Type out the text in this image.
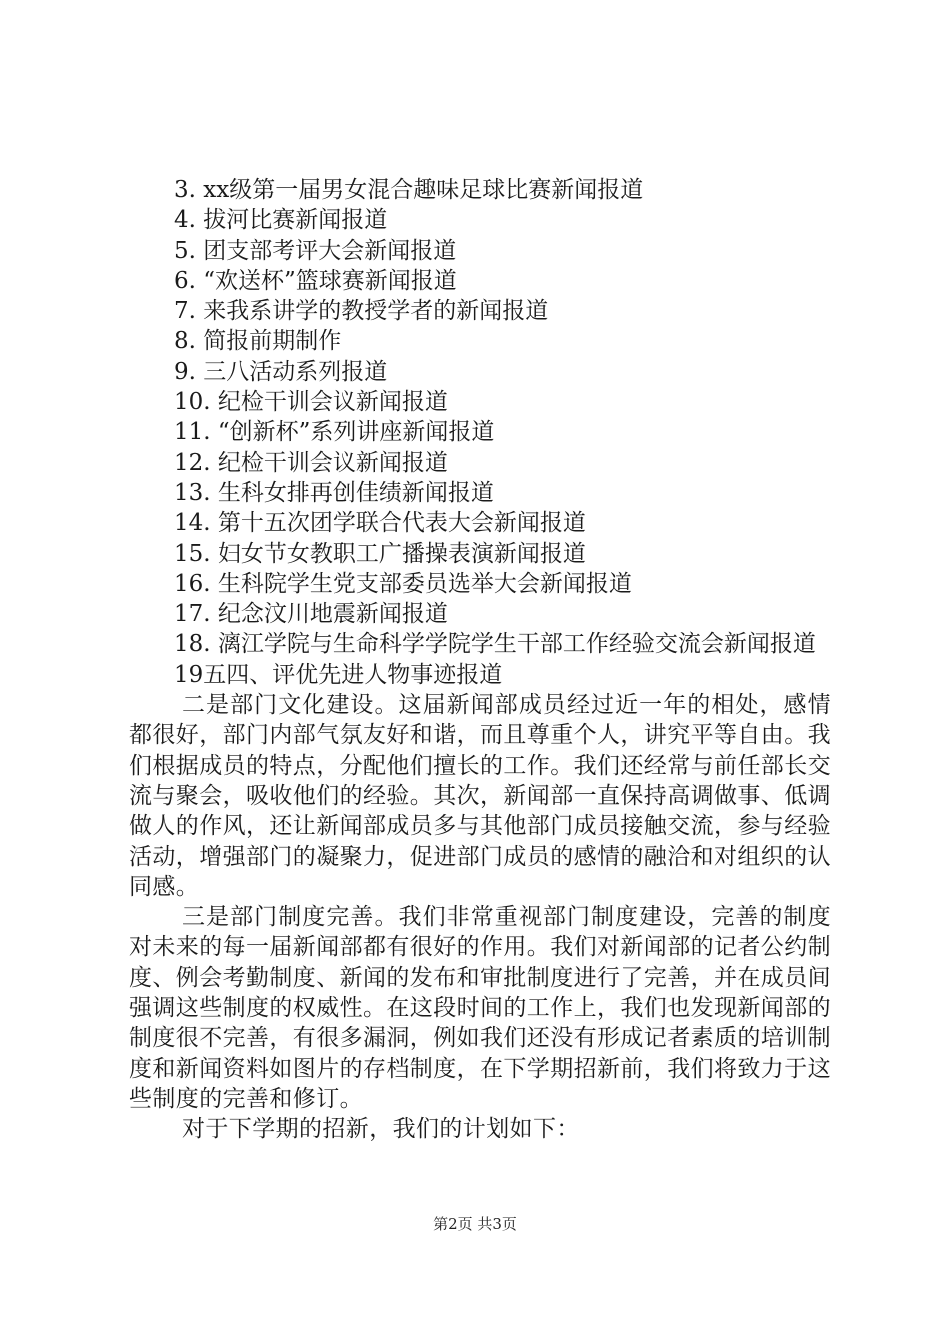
3. xx级第一届男女混合趣味足球比赛新闻报道

4. 拔河比赛新闻报道

5. 团支部考评大会新闻报道

6. “欢送杯”篮球赛新闻报道

7. 来我系讲学的教授学者的新闻报道

8. 简报前期制作

9. 三八活动系列报道

10. 纪检干训会议新闻报道

11. “创新杯”系列讲座新闻报道

12. 纪检干训会议新闻报道

13. 生科女排再创佳绩新闻报道

14. 第十五次团学联合代表大会新闻报道

15. 妇女节女教职工广播操表演新闻报道

16. 生科院学生党支部委员选举大会新闻报道

17. 纪念汶川地震新闻报道

18. 漓江学院与生命科学学院学生干部工作经验交流会新闻报道

19五四、评优先进人物事迹报道

二是部门文化建设。这届新闻部成员经过近一年的相处，感情都很好，部门内部气氛友好和谐，而且尊重个人，讲究平等自由。我们根据成员的特点，分配他们擅长的工作。我们还经常与前任部长交流与聚会，吸收他们的经验。其次，新闻部一直保持高调做事、低调做人的作风，还让新闻部成员多与其他部门成员接触交流，参与经验活动，增强部门的凝聚力，促进部门成员的感情的融洽和对组织的认同感。

三是部门制度完善。我们非常重视部门制度建设，完善的制度对未来的每一届新闻部都有很好的作用。我们对新闻部的记者公约制度、例会考勤制度、新闻的发布和审批制度进行了完善，并在成员间强调这些制度的权威性。在这段时间的工作上，我们也发现新闻部的制度很不完善，有很多漏洞，例如我们还没有形成记者素质的培训制度和新闻资料如图片的存档制度，在下学期招新前，我们将致力于这些制度的完善和修订。

对于下学期的招新，我们的计划如下：

第2页 共3页
